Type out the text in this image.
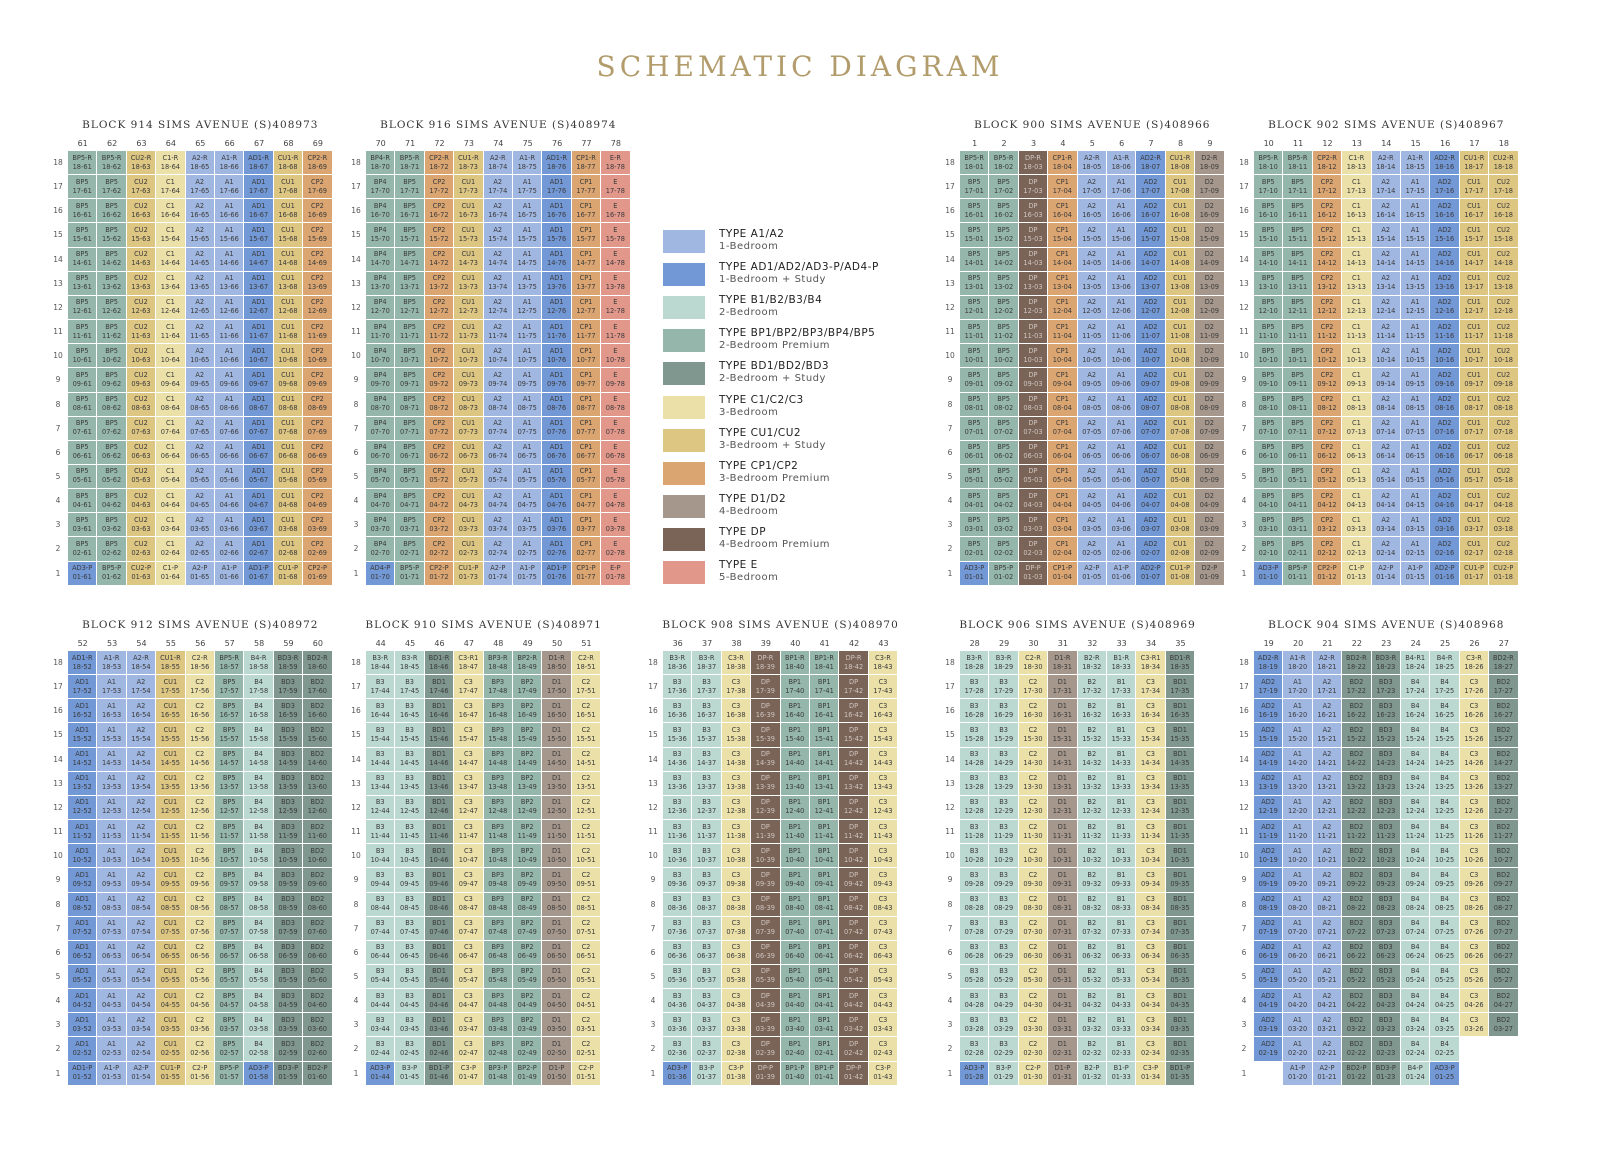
SCHEMATIC DIAGRAM
BLOCK 914 SIMS AVENUE (S)408973
18
17
16
15
14
13
12
11
10
9
8
7
6
5
4
3
2
1
61
BP5-R
18-61
BP5
17-61
BP5
16-61
BP5
15-61
BP5
14-61
BP5
13-61
BP5
12-61
BP5
11-61
BP5
10-61
BP5
09-61
BP5
08-61
BP5
07-61
BP5
06-61
BP5
05-61
BP5
04-61
BP5
03-61
BP5
02-61
AD3-P
01-61
62
BP5-R
18-62
BP5
17-62
BP5
16-62
BP5
15-62
BP5
14-62
BP5
13-62
BP5
12-62
BP5
11-62
BP5
10-62
BP5
09-62
BP5
08-62
BP5
07-62
BP5
06-62
BP5
05-62
BP5
04-62
BP5
03-62
BP5
02-62
BP5-P
01-62
63
CU2-R
18-63
CU2
17-63
CU2
16-63
CU2
15-63
CU2
14-63
CU2
13-63
CU2
12-63
CU2
11-63
CU2
10-63
CU2
09-63
CU2
08-63
CU2
07-63
CU2
06-63
CU2
05-63
CU2
04-63
CU2
03-63
CU2
02-63
CU2-P
01-63
64
C1-R
18-64
C1
17-64
C1
16-64
C1
15-64
C1
14-64
C1
13-64
C1
12-64
C1
11-64
C1
10-64
C1
09-64
C1
08-64
C1
07-64
C1
06-64
C1
05-64
C1
04-64
C1
03-64
C1
02-64
C1-P
01-64
65
A2-R
18-65
A2
17-65
A2
16-65
A2
15-65
A2
14-65
A2
13-65
A2
12-65
A2
11-65
A2
10-65
A2
09-65
A2
08-65
A2
07-65
A2
06-65
A2
05-65
A2
04-65
A2
03-65
A2
02-65
A2-P
01-65
66
A1-R
18-66
A1
17-66
A1
16-66
A1
15-66
A1
14-66
A1
13-66
A1
12-66
A1
11-66
A1
10-66
A1
09-66
A1
08-66
A1
07-66
A1
06-66
A1
05-66
A1
04-66
A1
03-66
A1
02-66
A1-P
01-66
67
AD1-R
18-67
AD1
17-67
AD1
16-67
AD1
15-67
AD1
14-67
AD1
13-67
AD1
12-67
AD1
11-67
AD1
10-67
AD1
09-67
AD1
08-67
AD1
07-67
AD1
06-67
AD1
05-67
AD1
04-67
AD1
03-67
AD1
02-67
AD1-P
01-67
68
CU1-R
18-68
CU1
17-68
CU1
16-68
CU1
15-68
CU1
14-68
CU1
13-68
CU1
12-68
CU1
11-68
CU1
10-68
CU1
09-68
CU1
08-68
CU1
07-68
CU1
06-68
CU1
05-68
CU1
04-68
CU1
03-68
CU1
02-68
CU1-P
01-68
69
CP2-R
18-69
CP2
17-69
CP2
16-69
CP2
15-69
CP2
14-69
CP2
13-69
CP2
12-69
CP2
11-69
CP2
10-69
CP2
09-69
CP2
08-69
CP2
07-69
CP2
06-69
CP2
05-69
CP2
04-69
CP2
03-69
CP2
02-69
CP2-P
01-69
BLOCK 916 SIMS AVENUE (S)408974
18
17
16
15
14
13
12
11
10
9
8
7
6
5
4
3
2
1
70
BP4-R
18-70
BP4
17-70
BP4
16-70
BP4
15-70
BP4
14-70
BP4
13-70
BP4
12-70
BP4
11-70
BP4
10-70
BP4
09-70
BP4
08-70
BP4
07-70
BP4
06-70
BP4
05-70
BP4
04-70
BP4
03-70
BP4
02-70
AD4-P
01-70
71
BP5-R
18-71
BP5
17-71
BP5
16-71
BP5
15-71
BP5
14-71
BP5
13-71
BP5
12-71
BP5
11-71
BP5
10-71
BP5
09-71
BP5
08-71
BP5
07-71
BP5
06-71
BP5
05-71
BP5
04-71
BP5
03-71
BP5
02-71
BP5-P
01-71
72
CP2-R
18-72
CP2
17-72
CP2
16-72
CP2
15-72
CP2
14-72
CP2
13-72
CP2
12-72
CP2
11-72
CP2
10-72
CP2
09-72
CP2
08-72
CP2
07-72
CP2
06-72
CP2
05-72
CP2
04-72
CP2
03-72
CP2
02-72
CP2-P
01-72
73
CU1-R
18-73
CU1
17-73
CU1
16-73
CU1
15-73
CU1
14-73
CU1
13-73
CU1
12-73
CU1
11-73
CU1
10-73
CU1
09-73
CU1
08-73
CU1
07-73
CU1
06-73
CU1
05-73
CU1
04-73
CU1
03-73
CU1
02-73
CU1-P
01-73
74
A2-R
18-74
A2
17-74
A2
16-74
A2
15-74
A2
14-74
A2
13-74
A2
12-74
A2
11-74
A2
10-74
A2
09-74
A2
08-74
A2
07-74
A2
06-74
A2
05-74
A2
04-74
A2
03-74
A2
02-74
A2-P
01-74
75
A1-R
18-75
A1
17-75
A1
16-75
A1
15-75
A1
14-75
A1
13-75
A1
12-75
A1
11-75
A1
10-75
A1
09-75
A1
08-75
A1
07-75
A1
06-75
A1
05-75
A1
04-75
A1
03-75
A1
02-75
A1-P
01-75
76
AD1-R
18-76
AD1
17-76
AD1
16-76
AD1
15-76
AD1
14-76
AD1
13-76
AD1
12-76
AD1
11-76
AD1
10-76
AD1
09-76
AD1
08-76
AD1
07-76
AD1
06-76
AD1
05-76
AD1
04-76
AD1
03-76
AD1
02-76
AD1-P
01-76
77
CP1-R
18-77
CP1
17-77
CP1
16-77
CP1
15-77
CP1
14-77
CP1
13-77
CP1
12-77
CP1
11-77
CP1
10-77
CP1
09-77
CP1
08-77
CP1
07-77
CP1
06-77
CP1
05-77
CP1
04-77
CP1
03-77
CP1
02-77
CP1-P
01-77
78
E-R
18-78
E
17-78
E
16-78
E
15-78
E
14-78
E
13-78
E
12-78
E
11-78
E
10-78
E
09-78
E
08-78
E
07-78
E
06-78
E
05-78
E
04-78
E
03-78
E
02-78
E-P
01-78
BLOCK 900 SIMS AVENUE (S)408966
18
17
16
15
14
13
12
11
10
9
8
7
6
5
4
3
2
1
1
BP5-R
18-01
BP5
17-01
BP5
16-01
BP5
15-01
BP5
14-01
BP5
13-01
BP5
12-01
BP5
11-01
BP5
10-01
BP5
09-01
BP5
08-01
BP5
07-01
BP5
06-01
BP5
05-01
BP5
04-01
BP5
03-01
BP5
02-01
AD3-P
01-01
2
BP5-R
18-02
BP5
17-02
BP5
16-02
BP5
15-02
BP5
14-02
BP5
13-02
BP5
12-02
BP5
11-02
BP5
10-02
BP5
09-02
BP5
08-02
BP5
07-02
BP5
06-02
BP5
05-02
BP5
04-02
BP5
03-02
BP5
02-02
BP5-P
01-02
3
DP-R
18-03
DP
17-03
DP
16-03
DP
15-03
DP
14-03
DP
13-03
DP
12-03
DP
11-03
DP
10-03
DP
09-03
DP
08-03
DP
07-03
DP
06-03
DP
05-03
DP
04-03
DP
03-03
DP
02-03
DP-P
01-03
4
CP1-R
18-04
CP1
17-04
CP1
16-04
CP1
15-04
CP1
14-04
CP1
13-04
CP1
12-04
CP1
11-04
CP1
10-04
CP1
09-04
CP1
08-04
CP1
07-04
CP1
06-04
CP1
05-04
CP1
04-04
CP1
03-04
CP1
02-04
CP1-P
01-04
5
A2-R
18-05
A2
17-05
A2
16-05
A2
15-05
A2
14-05
A2
13-05
A2
12-05
A2
11-05
A2
10-05
A2
09-05
A2
08-05
A2
07-05
A2
06-05
A2
05-05
A2
04-05
A2
03-05
A2
02-05
A2-P
01-05
6
A1-R
18-06
A1
17-06
A1
16-06
A1
15-06
A1
14-06
A1
13-06
A1
12-06
A1
11-06
A1
10-06
A1
09-06
A1
08-06
A1
07-06
A1
06-06
A1
05-06
A1
04-06
A1
03-06
A1
02-06
A1-P
01-06
7
AD2-R
18-07
AD2
17-07
AD2
16-07
AD2
15-07
AD2
14-07
AD2
13-07
AD2
12-07
AD2
11-07
AD2
10-07
AD2
09-07
AD2
08-07
AD2
07-07
AD2
06-07
AD2
05-07
AD2
04-07
AD2
03-07
AD2
02-07
AD2-P
01-07
8
CU1-R
18-08
CU1
17-08
CU1
16-08
CU1
15-08
CU1
14-08
CU1
13-08
CU1
12-08
CU1
11-08
CU1
10-08
CU1
09-08
CU1
08-08
CU1
07-08
CU1
06-08
CU1
05-08
CU1
04-08
CU1
03-08
CU1
02-08
CU1-P
01-08
9
D2-R
18-09
D2
17-09
D2
16-09
D2
15-09
D2
14-09
D2
13-09
D2
12-09
D2
11-09
D2
10-09
D2
09-09
D2
08-09
D2
07-09
D2
06-09
D2
05-09
D2
04-09
D2
03-09
D2
02-09
D2-P
01-09
BLOCK 902 SIMS AVENUE (S)408967
18
17
16
15
14
13
12
11
10
9
8
7
6
5
4
3
2
1
10
BP5-R
18-10
BP5
17-10
BP5
16-10
BP5
15-10
BP5
14-10
BP5
13-10
BP5
12-10
BP5
11-10
BP5
10-10
BP5
09-10
BP5
08-10
BP5
07-10
BP5
06-10
BP5
05-10
BP5
04-10
BP5
03-10
BP5
02-10
AD3-P
01-10
11
BP5-R
18-11
BP5
17-11
BP5
16-11
BP5
15-11
BP5
14-11
BP5
13-11
BP5
12-11
BP5
11-11
BP5
10-11
BP5
09-11
BP5
08-11
BP5
07-11
BP5
06-11
BP5
05-11
BP5
04-11
BP5
03-11
BP5
02-11
BP5-P
01-11
12
CP2-R
18-12
CP2
17-12
CP2
16-12
CP2
15-12
CP2
14-12
CP2
13-12
CP2
12-12
CP2
11-12
CP2
10-12
CP2
09-12
CP2
08-12
CP2
07-12
CP2
06-12
CP2
05-12
CP2
04-12
CP2
03-12
CP2
02-12
CP2-P
01-12
13
C1-R
18-13
C1
17-13
C1
16-13
C1
15-13
C1
14-13
C1
13-13
C1
12-13
C1
11-13
C1
10-13
C1
09-13
C1
08-13
C1
07-13
C1
06-13
C1
05-13
C1
04-13
C1
03-13
C1
02-13
C1-P
01-13
14
A2-R
18-14
A2
17-14
A2
16-14
A2
15-14
A2
14-14
A2
13-14
A2
12-14
A2
11-14
A2
10-14
A2
09-14
A2
08-14
A2
07-14
A2
06-14
A2
05-14
A2
04-14
A2
03-14
A2
02-14
A2-P
01-14
15
A1-R
18-15
A1
17-15
A1
16-15
A1
15-15
A1
14-15
A1
13-15
A1
12-15
A1
11-15
A1
10-15
A1
09-15
A1
08-15
A1
07-15
A1
06-15
A1
05-15
A1
04-15
A1
03-15
A1
02-15
A1-P
01-15
16
AD2-R
18-16
AD2
17-16
AD2
16-16
AD2
15-16
AD2
14-16
AD2
13-16
AD2
12-16
AD2
11-16
AD2
10-16
AD2
09-16
AD2
08-16
AD2
07-16
AD2
06-16
AD2
05-16
AD2
04-16
AD2
03-16
AD2
02-16
AD2-P
01-16
17
CU1-R
18-17
CU1
17-17
CU1
16-17
CU1
15-17
CU1
14-17
CU1
13-17
CU1
12-17
CU1
11-17
CU1
10-17
CU1
09-17
CU1
08-17
CU1
07-17
CU1
06-17
CU1
05-17
CU1
04-17
CU1
03-17
CU1
02-17
CU1-P
01-17
18
CU2-R
18-18
CU2
17-18
CU2
16-18
CU2
15-18
CU2
14-18
CU2
13-18
CU2
12-18
CU2
11-18
CU2
10-18
CU2
09-18
CU2
08-18
CU2
07-18
CU2
06-18
CU2
05-18
CU2
04-18
CU2
03-18
CU2
02-18
CU2-P
01-18
BLOCK 912 SIMS AVENUE (S)408972
18
17
16
15
14
13
12
11
10
9
8
7
6
5
4
3
2
1
52
AD1-R
18-52
AD1
17-52
AD1
16-52
AD1
15-52
AD1
14-52
AD1
13-52
AD1
12-52
AD1
11-52
AD1
10-52
AD1
09-52
AD1
08-52
AD1
07-52
AD1
06-52
AD1
05-52
AD1
04-52
AD1
03-52
AD1
02-52
AD1-P
01-52
53
A1-R
18-53
A1
17-53
A1
16-53
A1
15-53
A1
14-53
A1
13-53
A1
12-53
A1
11-53
A1
10-53
A1
09-53
A1
08-53
A1
07-53
A1
06-53
A1
05-53
A1
04-53
A1
03-53
A1
02-53
A1-P
01-53
54
A2-R
18-54
A2
17-54
A2
16-54
A2
15-54
A2
14-54
A2
13-54
A2
12-54
A2
11-54
A2
10-54
A2
09-54
A2
08-54
A2
07-54
A2
06-54
A2
05-54
A2
04-54
A2
03-54
A2
02-54
A2-P
01-54
55
CU1-R
18-55
CU1
17-55
CU1
16-55
CU1
15-55
CU1
14-55
CU1
13-55
CU1
12-55
CU1
11-55
CU1
10-55
CU1
09-55
CU1
08-55
CU1
07-55
CU1
06-55
CU1
05-55
CU1
04-55
CU1
03-55
CU1
02-55
CU1-P
01-55
56
C2-R
18-56
C2
17-56
C2
16-56
C2
15-56
C2
14-56
C2
13-56
C2
12-56
C2
11-56
C2
10-56
C2
09-56
C2
08-56
C2
07-56
C2
06-56
C2
05-56
C2
04-56
C2
03-56
C2
02-56
C2-P
01-56
57
BP5-R
18-57
BP5
17-57
BP5
16-57
BP5
15-57
BP5
14-57
BP5
13-57
BP5
12-57
BP5
11-57
BP5
10-57
BP5
09-57
BP5
08-57
BP5
07-57
BP5
06-57
BP5
05-57
BP5
04-57
BP5
03-57
BP5
02-57
BP5-P
01-57
58
B4-R
18-58
B4
17-58
B4
16-58
B4
15-58
B4
14-58
B4
13-58
B4
12-58
B4
11-58
B4
10-58
B4
09-58
B4
08-58
B4
07-58
B4
06-58
B4
05-58
B4
04-58
B4
03-58
B4
02-58
AD3-P
01-58
59
BD3-R
18-59
BD3
17-59
BD3
16-59
BD3
15-59
BD3
14-59
BD3
13-59
BD3
12-59
BD3
11-59
BD3
10-59
BD3
09-59
BD3
08-59
BD3
07-59
BD3
06-59
BD3
05-59
BD3
04-59
BD3
03-59
BD3
02-59
BD3-P
01-59
60
BD2-R
18-60
BD2
17-60
BD2
16-60
BD2
15-60
BD2
14-60
BD2
13-60
BD2
12-60
BD2
11-60
BD2
10-60
BD2
09-60
BD2
08-60
BD2
07-60
BD2
06-60
BD2
05-60
BD2
04-60
BD2
03-60
BD2
02-60
BD2-P
01-60
BLOCK 910 SIMS AVENUE (S)408971
18
17
16
15
14
13
12
11
10
9
8
7
6
5
4
3
2
1
44
B3-R
18-44
B3
17-44
B3
16-44
B3
15-44
B3
14-44
B3
13-44
B3
12-44
B3
11-44
B3
10-44
B3
09-44
B3
08-44
B3
07-44
B3
06-44
B3
05-44
B3
04-44
B3
03-44
B3
02-44
AD3-P
01-44
45
B3-R
18-45
B3
17-45
B3
16-45
B3
15-45
B3
14-45
B3
13-45
B3
12-45
B3
11-45
B3
10-45
B3
09-45
B3
08-45
B3
07-45
B3
06-45
B3
05-45
B3
04-45
B3
03-45
B3
02-45
B3-P
01-45
46
BD1-R
18-46
BD1
17-46
BD1
16-46
BD1
15-46
BD1
14-46
BD1
13-46
BD1
12-46
BD1
11-46
BD1
10-46
BD1
09-46
BD1
08-46
BD1
07-46
BD1
06-46
BD1
05-46
BD1
04-46
BD1
03-46
BD1
02-46
BD1-P
01-46
47
C3-R1
18-47
C3
17-47
C3
16-47
C3
15-47
C3
14-47
C3
13-47
C3
12-47
C3
11-47
C3
10-47
C3
09-47
C3
08-47
C3
07-47
C3
06-47
C3
05-47
C3
04-47
C3
03-47
C3
02-47
C3-P
01-47
48
BP3-R
18-48
BP3
17-48
BP3
16-48
BP3
15-48
BP3
14-48
BP3
13-48
BP3
12-48
BP3
11-48
BP3
10-48
BP3
09-48
BP3
08-48
BP3
07-48
BP3
06-48
BP3
05-48
BP3
04-48
BP3
03-48
BP3
02-48
BP3-P
01-48
49
BP2-R
18-49
BP2
17-49
BP2
16-49
BP2
15-49
BP2
14-49
BP2
13-49
BP2
12-49
BP2
11-49
BP2
10-49
BP2
09-49
BP2
08-49
BP2
07-49
BP2
06-49
BP2
05-49
BP2
04-49
BP2
03-49
BP2
02-49
BP2-P
01-49
50
D1-R
18-50
D1
17-50
D1
16-50
D1
15-50
D1
14-50
D1
13-50
D1
12-50
D1
11-50
D1
10-50
D1
09-50
D1
08-50
D1
07-50
D1
06-50
D1
05-50
D1
04-50
D1
03-50
D1
02-50
D1-P
01-50
51
C2-R
18-51
C2
17-51
C2
16-51
C2
15-51
C2
14-51
C2
13-51
C2
12-51
C2
11-51
C2
10-51
C2
09-51
C2
08-51
C2
07-51
C2
06-51
C2
05-51
C2
04-51
C2
03-51
C2
02-51
C2-P
01-51
BLOCK 908 SIMS AVENUE (S)408970
18
17
16
15
14
13
12
11
10
9
8
7
6
5
4
3
2
1
36
B3-R
18-36
B3
17-36
B3
16-36
B3
15-36
B3
14-36
B3
13-36
B3
12-36
B3
11-36
B3
10-36
B3
09-36
B3
08-36
B3
07-36
B3
06-36
B3
05-36
B3
04-36
B3
03-36
B3
02-36
AD3-P
01-36
37
B3-R
18-37
B3
17-37
B3
16-37
B3
15-37
B3
14-37
B3
13-37
B3
12-37
B3
11-37
B3
10-37
B3
09-37
B3
08-37
B3
07-37
B3
06-37
B3
05-37
B3
04-37
B3
03-37
B3
02-37
B3-P
01-37
38
C3-R
18-38
C3
17-38
C3
16-38
C3
15-38
C3
14-38
C3
13-38
C3
12-38
C3
11-38
C3
10-38
C3
09-38
C3
08-38
C3
07-38
C3
06-38
C3
05-38
C3
04-38
C3
03-38
C3
02-38
C3-P
01-38
39
DP-R
18-39
DP
17-39
DP
16-39
DP
15-39
DP
14-39
DP
13-39
DP
12-39
DP
11-39
DP
10-39
DP
09-39
DP
08-39
DP
07-39
DP
06-39
DP
05-39
DP
04-39
DP
03-39
DP
02-39
DP-P
01-39
40
BP1-R
18-40
BP1
17-40
BP1
16-40
BP1
15-40
BP1
14-40
BP1
13-40
BP1
12-40
BP1
11-40
BP1
10-40
BP1
09-40
BP1
08-40
BP1
07-40
BP1
06-40
BP1
05-40
BP1
04-40
BP1
03-40
BP1
02-40
BP1-P
01-40
41
BP1-R
18-41
BP1
17-41
BP1
16-41
BP1
15-41
BP1
14-41
BP1
13-41
BP1
12-41
BP1
11-41
BP1
10-41
BP1
09-41
BP1
08-41
BP1
07-41
BP1
06-41
BP1
05-41
BP1
04-41
BP1
03-41
BP1
02-41
BP1-P
01-41
42
DP-R
18-42
DP
17-42
DP
16-42
DP
15-42
DP
14-42
DP
13-42
DP
12-42
DP
11-42
DP
10-42
DP
09-42
DP
08-42
DP
07-42
DP
06-42
DP
05-42
DP
04-42
DP
03-42
DP
02-42
DP-P
01-42
43
C3-R
18-43
C3
17-43
C3
16-43
C3
15-43
C3
14-43
C3
13-43
C3
12-43
C3
11-43
C3
10-43
C3
09-43
C3
08-43
C3
07-43
C3
06-43
C3
05-43
C3
04-43
C3
03-43
C3
02-43
C3-P
01-43
BLOCK 906 SIMS AVENUE (S)408969
18
17
16
15
14
13
12
11
10
9
8
7
6
5
4
3
2
1
28
B3-R
18-28
B3
17-28
B3
16-28
B3
15-28
B3
14-28
B3
13-28
B3
12-28
B3
11-28
B3
10-28
B3
09-28
B3
08-28
B3
07-28
B3
06-28
B3
05-28
B3
04-28
B3
03-28
B3
02-28
AD3-P
01-28
29
B3-R
18-29
B3
17-29
B3
16-29
B3
15-29
B3
14-29
B3
13-29
B3
12-29
B3
11-29
B3
10-29
B3
09-29
B3
08-29
B3
07-29
B3
06-29
B3
05-29
B3
04-29
B3
03-29
B3
02-29
B3-P
01-29
30
C2-R
18-30
C2
17-30
C2
16-30
C2
15-30
C2
14-30
C2
13-30
C2
12-30
C2
11-30
C2
10-30
C2
09-30
C2
08-30
C2
07-30
C2
06-30
C2
05-30
C2
04-30
C2
03-30
C2
02-30
C2-P
01-30
31
D1-R
18-31
D1
17-31
D1
16-31
D1
15-31
D1
14-31
D1
13-31
D1
12-31
D1
11-31
D1
10-31
D1
09-31
D1
08-31
D1
07-31
D1
06-31
D1
05-31
D1
04-31
D1
03-31
D1
02-31
D1-P
01-31
32
B2-R
18-32
B2
17-32
B2
16-32
B2
15-32
B2
14-32
B2
13-32
B2
12-32
B2
11-32
B2
10-32
B2
09-32
B2
08-32
B2
07-32
B2
06-32
B2
05-32
B2
04-32
B2
03-32
B2
02-32
B2-P
01-32
33
B1-R
18-33
B1
17-33
B1
16-33
B1
15-33
B1
14-33
B1
13-33
B1
12-33
B1
11-33
B1
10-33
B1
09-33
B1
08-33
B1
07-33
B1
06-33
B1
05-33
B1
04-33
B1
03-33
B1
02-33
B1-P
01-33
34
C3-R1
18-34
C3
17-34
C3
16-34
C3
15-34
C3
14-34
C3
13-34
C3
12-34
C3
11-34
C3
10-34
C3
09-34
C3
08-34
C3
07-34
C3
06-34
C3
05-34
C3
04-34
C3
03-34
C3
02-34
C3-P
01-34
35
BD1-R
18-35
BD1
17-35
BD1
16-35
BD1
15-35
BD1
14-35
BD1
13-35
BD1
12-35
BD1
11-35
BD1
10-35
BD1
09-35
BD1
08-35
BD1
07-35
BD1
06-35
BD1
05-35
BD1
04-35
BD1
03-35
BD1
02-35
BD1-P
01-35
BLOCK 904 SIMS AVENUE (S)408968
18
17
16
15
14
13
12
11
10
9
8
7
6
5
4
3
2
1
19
AD2-R
18-19
AD2
17-19
AD2
16-19
AD2
15-19
AD2
14-19
AD2
13-19
AD2
12-19
AD2
11-19
AD2
10-19
AD2
09-19
AD2
08-19
AD2
07-19
AD2
06-19
AD2
05-19
AD2
04-19
AD2
03-19
AD2
02-19
20
A1-R
18-20
A1
17-20
A1
16-20
A1
15-20
A1
14-20
A1
13-20
A1
12-20
A1
11-20
A1
10-20
A1
09-20
A1
08-20
A1
07-20
A1
06-20
A1
05-20
A1
04-20
A1
03-20
A1
02-20
A1-P
01-20
21
A2-R
18-21
A2
17-21
A2
16-21
A2
15-21
A2
14-21
A2
13-21
A2
12-21
A2
11-21
A2
10-21
A2
09-21
A2
08-21
A2
07-21
A2
06-21
A2
05-21
A2
04-21
A2
03-21
A2
02-21
A2-P
01-21
22
BD2-R
18-22
BD2
17-22
BD2
16-22
BD2
15-22
BD2
14-22
BD2
13-22
BD2
12-22
BD2
11-22
BD2
10-22
BD2
09-22
BD2
08-22
BD2
07-22
BD2
06-22
BD2
05-22
BD2
04-22
BD2
03-22
BD2
02-22
BD2-P
01-22
23
BD3-R
18-23
BD3
17-23
BD3
16-23
BD3
15-23
BD3
14-23
BD3
13-23
BD3
12-23
BD3
11-23
BD3
10-23
BD3
09-23
BD3
08-23
BD3
07-23
BD3
06-23
BD3
05-23
BD3
04-23
BD3
03-23
BD3
02-23
BD3-P
01-23
24
B4-R1
18-24
B4
17-24
B4
16-24
B4
15-24
B4
14-24
B4
13-24
B4
12-24
B4
11-24
B4
10-24
B4
09-24
B4
08-24
B4
07-24
B4
06-24
B4
05-24
B4
04-24
B4
03-24
B4
02-24
B4-P
01-24
25
B4-R
18-25
B4
17-25
B4
16-25
B4
15-25
B4
14-25
B4
13-25
B4
12-25
B4
11-25
B4
10-25
B4
09-25
B4
08-25
B4
07-25
B4
06-25
B4
05-25
B4
04-25
B4
03-25
B4
02-25
AD3-P
01-25
26
C3-R
18-26
C3
17-26
C3
16-26
C3
15-26
C3
14-26
C3
13-26
C3
12-26
C3
11-26
C3
10-26
C3
09-26
C3
08-26
C3
07-26
C3
06-26
C3
05-26
C3
04-26
C3
03-26
27
BD2-R
18-27
BD2
17-27
BD2
16-27
BD2
15-27
BD2
14-27
BD2
13-27
BD2
12-27
BD2
11-27
BD2
10-27
BD2
09-27
BD2
08-27
BD2
07-27
BD2
06-27
BD2
05-27
BD2
04-27
BD2
03-27
TYPE A1/A2
1-Bedroom
TYPE AD1/AD2/AD3-P/AD4-P
1-Bedroom + Study
TYPE B1/B2/B3/B4
2-Bedroom
TYPE BP1/BP2/BP3/BP4/BP5
2-Bedroom Premium
TYPE BD1/BD2/BD3
2-Bedroom + Study
TYPE C1/C2/C3
3-Bedroom
TYPE CU1/CU2
3-Bedroom + Study
TYPE CP1/CP2
3-Bedroom Premium
TYPE D1/D2
4-Bedroom
TYPE DP
4-Bedroom Premium
TYPE E
5-Bedroom
